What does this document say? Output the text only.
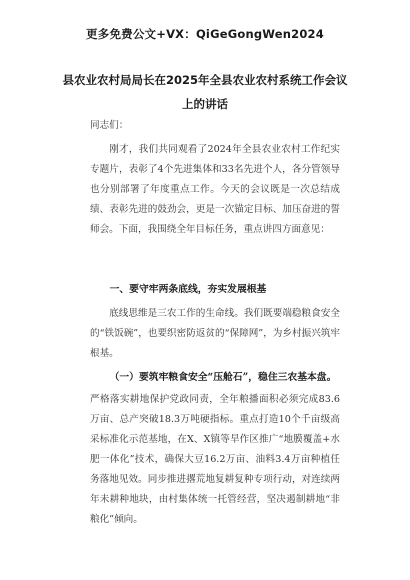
更多免费公文+VX：QiGeGongWen2024
县农业农村局局长在2025年全县农业农村系统工作会议上的讲话
同志们：
刚才，我们共同观看了2024年全县农业农村工作纪实专题片，表彰了4个先进集体和33名先进个人，各分管领导也分别部署了年度重点工作。今天的会议既是一次总结成绩、表彰先进的鼓劲会，更是一次锚定目标、加压奋进的誓师会。下面，我围绕全年目标任务，重点讲四方面意见：
一、要守牢两条底线，夯实发展根基
底线思维是三农工作的生命线。我们既要端稳粮食安全的“铁饭碗”，也要织密防返贫的“保障网”，为乡村振兴筑牢根基。
（一）要筑牢粮食安全“压舱石”，稳住三农基本盘。
严格落实耕地保护党政同责，全年粮播面积必须完成83.6万亩、总产突破18.3万吨硬指标。重点打造10个千亩级高采标准化示范基地，在X、X镇等旱作区推广“地膜覆盖+水肥一体化”技术，确保大豆16.2万亩、油料3.4万亩种植任务落地见效。同步推进撂荒地复耕复种专项行动，对连续两年未耕种地块，由村集体统一托管经营，坚决遏制耕地“非粮化”倾向。
